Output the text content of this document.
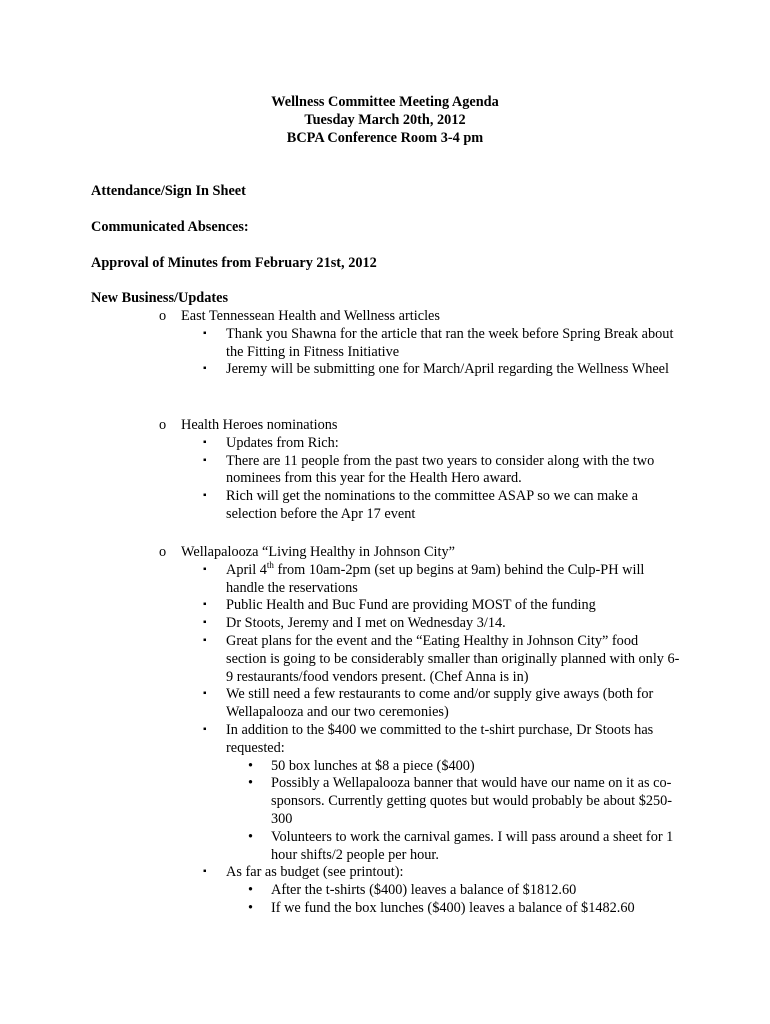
Wellness Committee Meeting Agenda
Tuesday March 20th, 2012
BCPA Conference Room 3-4 pm
Attendance/Sign In Sheet
Communicated Absences:
Approval of Minutes from February 21st, 2012
New Business/Updates
o East Tennessean Health and Wellness articles
▪ Thank you Shawna for the article that ran the week before Spring Break about the Fitting in Fitness Initiative
▪ Jeremy will be submitting one for March/April regarding the Wellness Wheel
o Health Heroes nominations
▪ Updates from Rich:
▪ There are 11 people from the past two years to consider along with the two nominees from this year for the Health Hero award.
▪ Rich will get the nominations to the committee ASAP so we can make a selection before the Apr 17 event
o Wellapalooza “Living Healthy in Johnson City”
▪ April 4th from 10am-2pm (set up begins at 9am) behind the Culp-PH will handle the reservations
▪ Public Health and Buc Fund are providing MOST of the funding
▪ Dr Stoots, Jeremy and I met on Wednesday 3/14.
▪ Great plans for the event and the “Eating Healthy in Johnson City” food section is going to be considerably smaller than originally planned with only 6-9 restaurants/food vendors present. (Chef Anna is in)
▪ We still need a few restaurants to come and/or supply give aways (both for Wellapalooza and our two ceremonies)
▪ In addition to the $400 we committed to the t-shirt purchase, Dr Stoots has requested:
• 50 box lunches at $8 a piece ($400)
• Possibly a Wellapalooza banner that would have our name on it as co-sponsors. Currently getting quotes but would probably be about $250-300
• Volunteers to work the carnival games. I will pass around a sheet for 1 hour shifts/2 people per hour.
▪ As far as budget (see printout):
• After the t-shirts ($400) leaves a balance of $1812.60
• If we fund the box lunches ($400) leaves a balance of $1482.60
